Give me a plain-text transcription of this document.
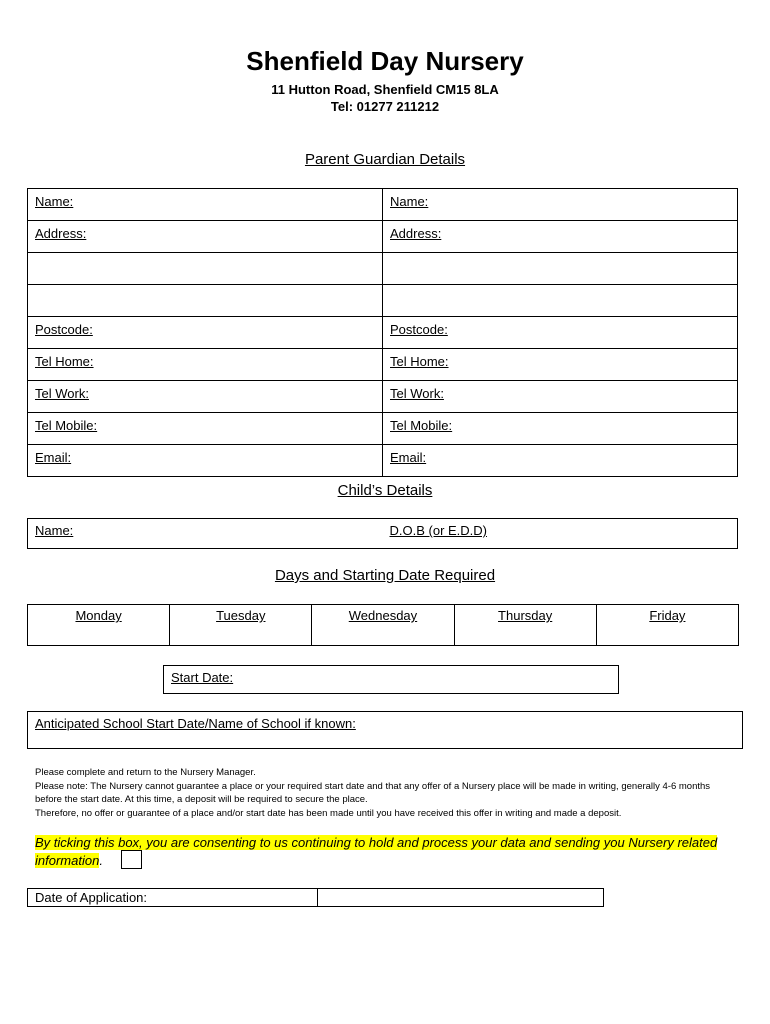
Shenfield Day Nursery
11 Hutton Road, Shenfield CM15 8LA
Tel: 01277 211212
Parent Guardian Details
Name:	Name:
Address:	Address:

Postcode:	Postcode:
Tel Home:	Tel Home:
Tel Work:	Tel Work:
Tel Mobile:	Tel Mobile:
Email:	Email:
Child’s Details
Name:	D.O.B (or E.D.D)
Days and Starting Date Required
Monday	Tuesday	Wednesday	Thursday	Friday
Start Date:
Anticipated School Start Date/Name of School if known:
Please complete and return to the Nursery Manager.
Please note: The Nursery cannot guarantee a place or your required start date and that any offer of a Nursery place will be made in writing, generally 4-6 months before the start date. At this time, a deposit will be required to secure the place.
Therefore, no offer or guarantee of a place and/or start date has been made until you have received this offer in writing and made a deposit.
By ticking this box, you are consenting to us continuing to hold and process your data and sending you Nursery related information.
Date of Application:	
